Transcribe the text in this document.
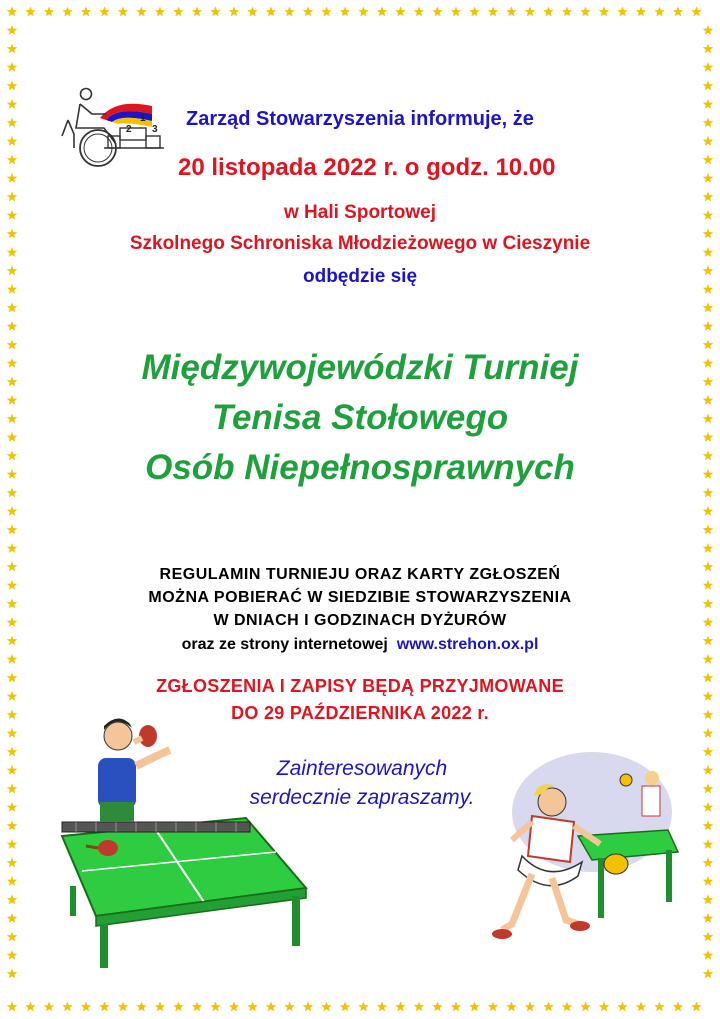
1
2 3 Zarząd Stowarzyszenia informuje, że
20 listopada 2022 r. o godz. 10.00
w Hali Sportowej
Szkolnego Schroniska Młodzieżowego w Cieszynie
odbędzie się
Międzywojewódzki Turniej
Tenisa Stołowego
Osób Niepełnosprawnych
REGULAMIN TURNIEJU ORAZ KARTY ZGŁOSZEŃ
MOŻNA POBIERAĆ W SIEDZIBIE STOWARZYSZENIA
W DNIACH I GODZINACH DYŻURÓW
oraz ze strony internetowej www.strehon.ox.pl
ZGŁOSZENIA I ZAPISY BĘDĄ PRZYJMOWANE
DO 29 PAŹDZIERNIKA 2022 r.
Zainteresowanych
serdecznie zapraszamy.
